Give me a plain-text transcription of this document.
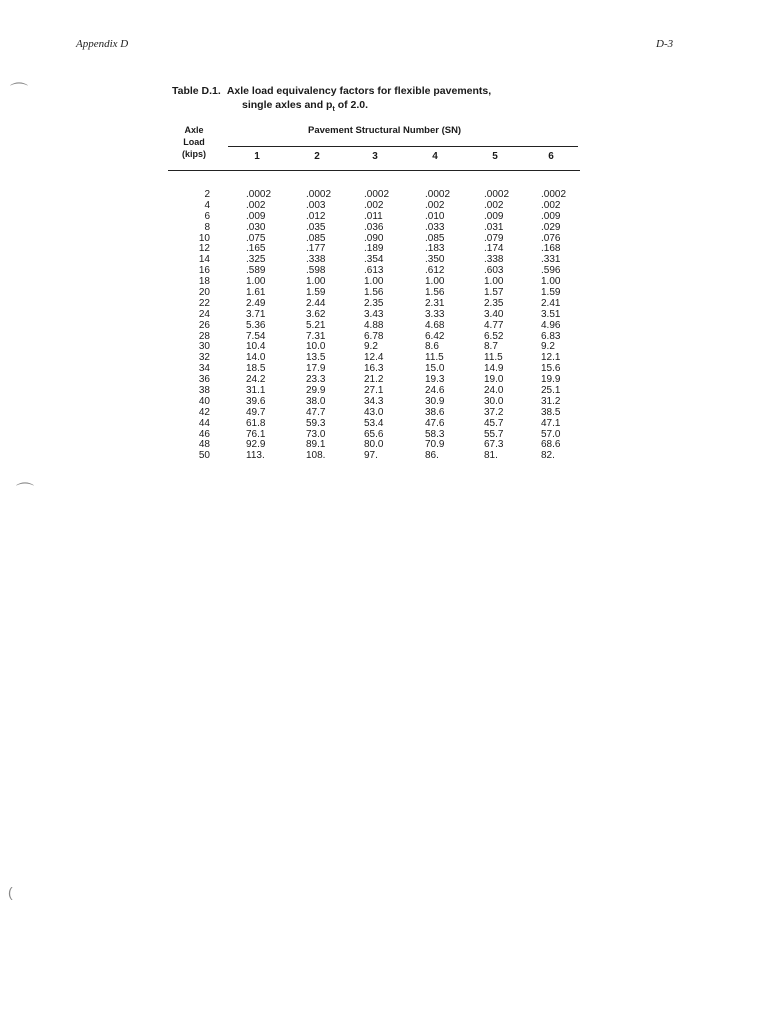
Appendix D	D-3
⌒
⌒
(
Table D.1. Axle load equivalency factors for flexible pavements,
single axles and $p_t$ of 2.0.
Axle
Load
(kips)
Pavement Structural Number (SN)
1	2	3	4	5	6
2	.0002	.0002	.0002	.0002	.0002	.0002
4	.002	.003	.002	.002	.002	.002
6	.009	.012	.011	.010	.009	.009
8	.030	.035	.036	.033	.031	.029
10	.075	.085	.090	.085	.079	.076
12	.165	.177	.189	.183	.174	.168
14	.325	.338	.354	.350	.338	.331
16	.589	.598	.613	.612	.603	.596
18	1.00	1.00	1.00	1.00	1.00	1.00
20	1.61	1.59	1.56	1.56	1.57	1.59
22	2.49	2.44	2.35	2.31	2.35	2.41
24	3.71	3.62	3.43	3.33	3.40	3.51
26	5.36	5.21	4.88	4.68	4.77	4.96
28	7.54	7.31	6.78	6.42	6.52	6.83
30	10.4	10.0	9.2	8.6	8.7	9.2
32	14.0	13.5	12.4	11.5	11.5	12.1
34	18.5	17.9	16.3	15.0	14.9	15.6
36	24.2	23.3	21.2	19.3	19.0	19.9
38	31.1	29.9	27.1	24.6	24.0	25.1
40	39.6	38.0	34.3	30.9	30.0	31.2
42	49.7	47.7	43.0	38.6	37.2	38.5
44	61.8	59.3	53.4	47.6	45.7	47.1
46	76.1	73.0	65.6	58.3	55.7	57.0
48	92.9	89.1	80.0	70.9	67.3	68.6
50	113.	108.	97.	86.	81.	82.
